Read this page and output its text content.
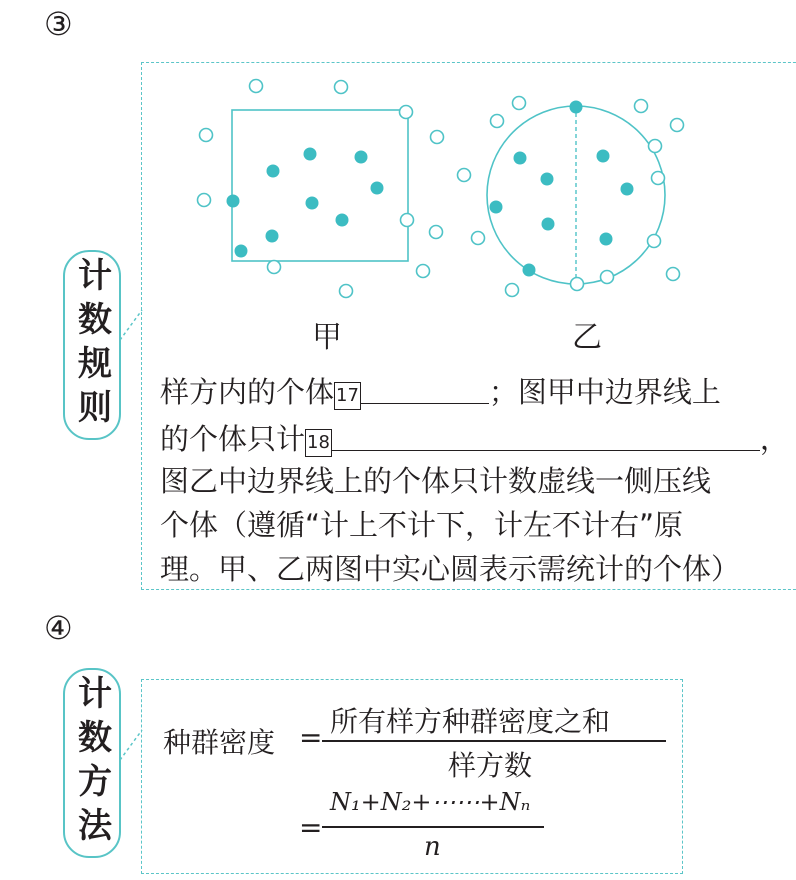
③
计数规则	甲	乙
样方内的个体 17	；图甲中边界线上
的个体只计 18	，
图乙中边界线上的个体只计数虚线一侧压线
个体（遵循“计上不计下，计左不计右”原
理。甲、乙两图中实心圆表示需统计的个体）
④
计数方法 种群密度 = 所有样方种群密度之和
样方数
=
N₁+N₂+⋯⋯+Nₙ
n
